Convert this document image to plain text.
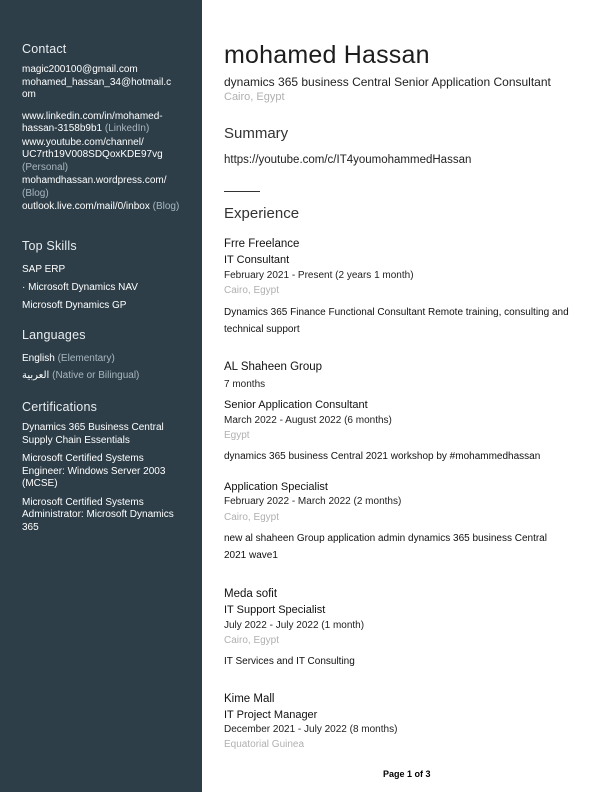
Contact
magic200100@gmail.com
mohamed_hassan_34@hotmail.c
om
www.linkedin.com/in/mohamed-
hassan-3158b9b1 (LinkedIn)
www.youtube.com/channel/
UC7rth19V008SDQoxKDE97vg
(Personal)
mohamdhassan.wordpress.com/
(Blog)
outlook.live.com/mail/0/inbox (Blog)
Top Skills
SAP ERP
· Microsoft Dynamics NAV
Microsoft Dynamics GP
Languages
English (Elementary)
العربية (Native or Bilingual)
Certifications
Dynamics 365 Business Central
Supply Chain Essentials
Microsoft Certified Systems
Engineer: Windows Server 2003
(MCSE)
Microsoft Certified Systems
Administrator: Microsoft Dynamics
365
mohamed Hassan
dynamics 365 business Central Senior Application Consultant
Cairo, Egypt
Summary
https://youtube.com/c/IT4youmohammedHassan
Experience
Frre Freelance
IT Consultant
February 2021 - Present (2 years 1 month)
Cairo, Egypt
Dynamics 365 Finance Functional Consultant Remote training, consulting and
technical support
AL Shaheen Group
7 months
Senior Application Consultant
March 2022 - August 2022 (6 months)
Egypt
dynamics 365 business Central 2021 workshop by #mohammedhassan
Application Specialist
February 2022 - March 2022 (2 months)
Cairo, Egypt
new al shaheen Group application admin dynamics 365 business Central
2021 wave1
Meda sofit
IT Support Specialist
July 2022 - July 2022 (1 month)
Cairo, Egypt
IT Services and IT Consulting
Kime Mall
IT Project Manager
December 2021 - July 2022 (8 months)
Equatorial Guinea
Page 1 of 3
